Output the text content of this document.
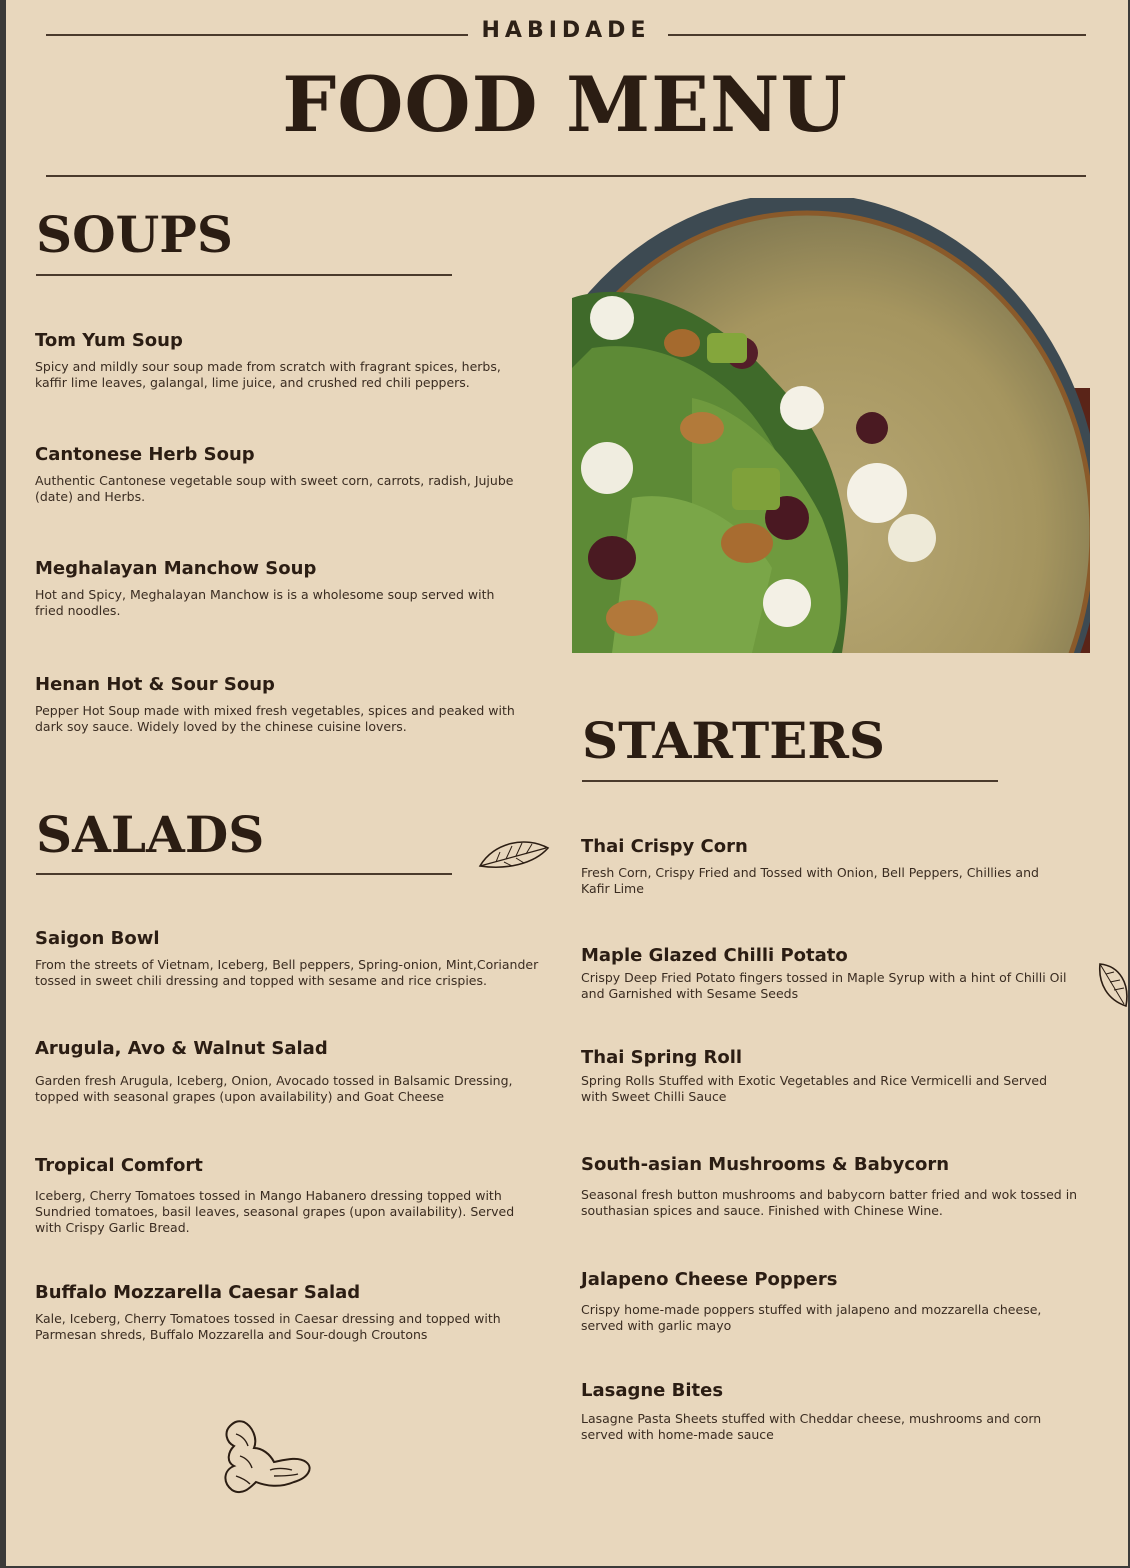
HABIDADE
FOOD MENU
SOUPS

Tom Yum Soup

Spicy and mildly sour soup made from scratch with fragrant spices, herbs, kaffir lime leaves, galangal, lime juice, and crushed red chili peppers.

Cantonese Herb Soup

Authentic Cantonese vegetable soup with sweet corn, carrots, radish, Jujube (date) and Herbs.

Meghalayan Manchow Soup

Hot and Spicy, Meghalayan Manchow is is a wholesome soup served with fried noodles.

Henan Hot & Sour Soup

Pepper Hot Soup made with mixed fresh vegetables, spices and peaked with dark soy sauce. Widely loved by the chinese cuisine lovers.

SALADS

Saigon Bowl

From the streets of Vietnam, Iceberg, Bell peppers, Spring-onion, Mint,Coriander tossed in sweet chili dressing and topped with sesame and rice crispies.

Arugula, Avo & Walnut Salad

Garden fresh Arugula, Iceberg, Onion, Avocado tossed in Balsamic Dressing, topped with seasonal grapes (upon availability) and Goat Cheese

Tropical Comfort

Iceberg, Cherry Tomatoes tossed in Mango Habanero dressing topped with Sundried tomatoes, basil leaves, seasonal grapes (upon availability). Served with Crispy Garlic Bread.

Buffalo Mozzarella Caesar Salad

Kale, Iceberg, Cherry Tomatoes tossed in Caesar dressing and topped with Parmesan shreds, Buffalo Mozzarella and Sour-dough Croutons

STARTERS

Thai Crispy Corn

Fresh Corn, Crispy Fried and Tossed with Onion, Bell Peppers, Chillies and Kafir Lime

Maple Glazed Chilli Potato

Crispy Deep Fried Potato fingers tossed in Maple Syrup with a hint of Chilli Oil and Garnished with Sesame Seeds

Thai Spring Roll

Spring Rolls Stuffed with Exotic Vegetables and Rice Vermicelli and Served with Sweet Chilli Sauce

South-asian Mushrooms & Babycorn

Seasonal fresh button mushrooms and babycorn batter fried and wok tossed in southasian spices and sauce. Finished with Chinese Wine.

Jalapeno Cheese Poppers

Crispy home-made poppers stuffed with jalapeno and mozzarella cheese, served with garlic mayo

Lasagne Bites

Lasagne Pasta Sheets stuffed with Cheddar cheese, mushrooms and corn served with home-made sauce
